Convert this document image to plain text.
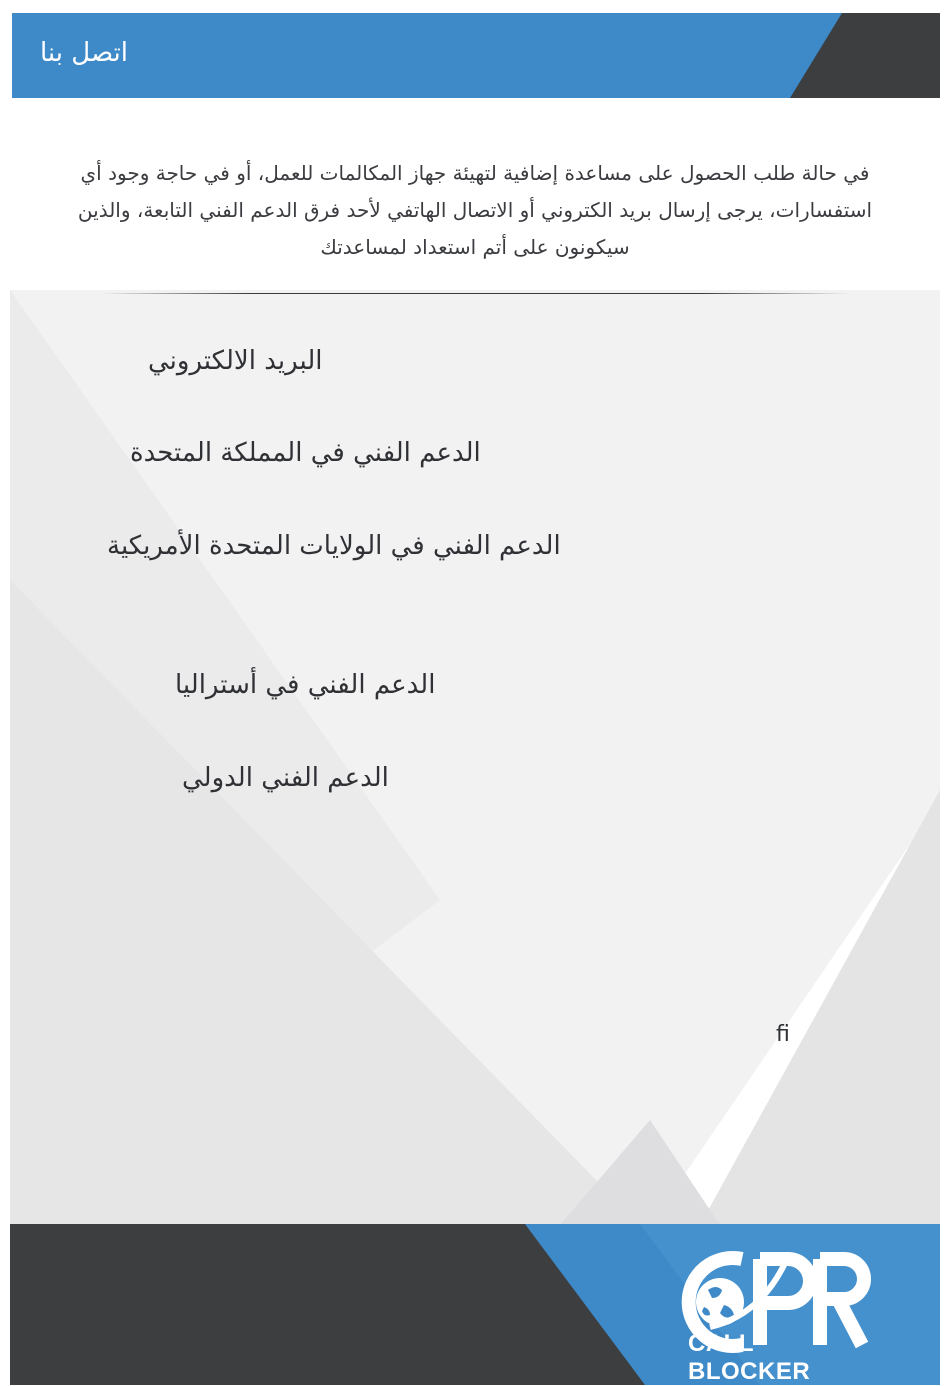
اتصل بنا
في حالة طلب الحصول على مساعدة إضافية لتهيئة جهاز المكالمات للعمل، أو في حاجة وجود أي استفسارات، يرجى إرسال بريد الكتروني أو الاتصال الهاتفي لأحد فرق الدعم الفني التابعة، والذين سيكونون على أتم استعداد لمساعدتك
البريد الالكتروني
الدعم الفني في المملكة المتحدة
الدعم الفني في الولايات المتحدة الأمريكية
الدعم الفني في أستراليا
الدعم الفني الدولي
ﬁ
CALL BLOCKER
